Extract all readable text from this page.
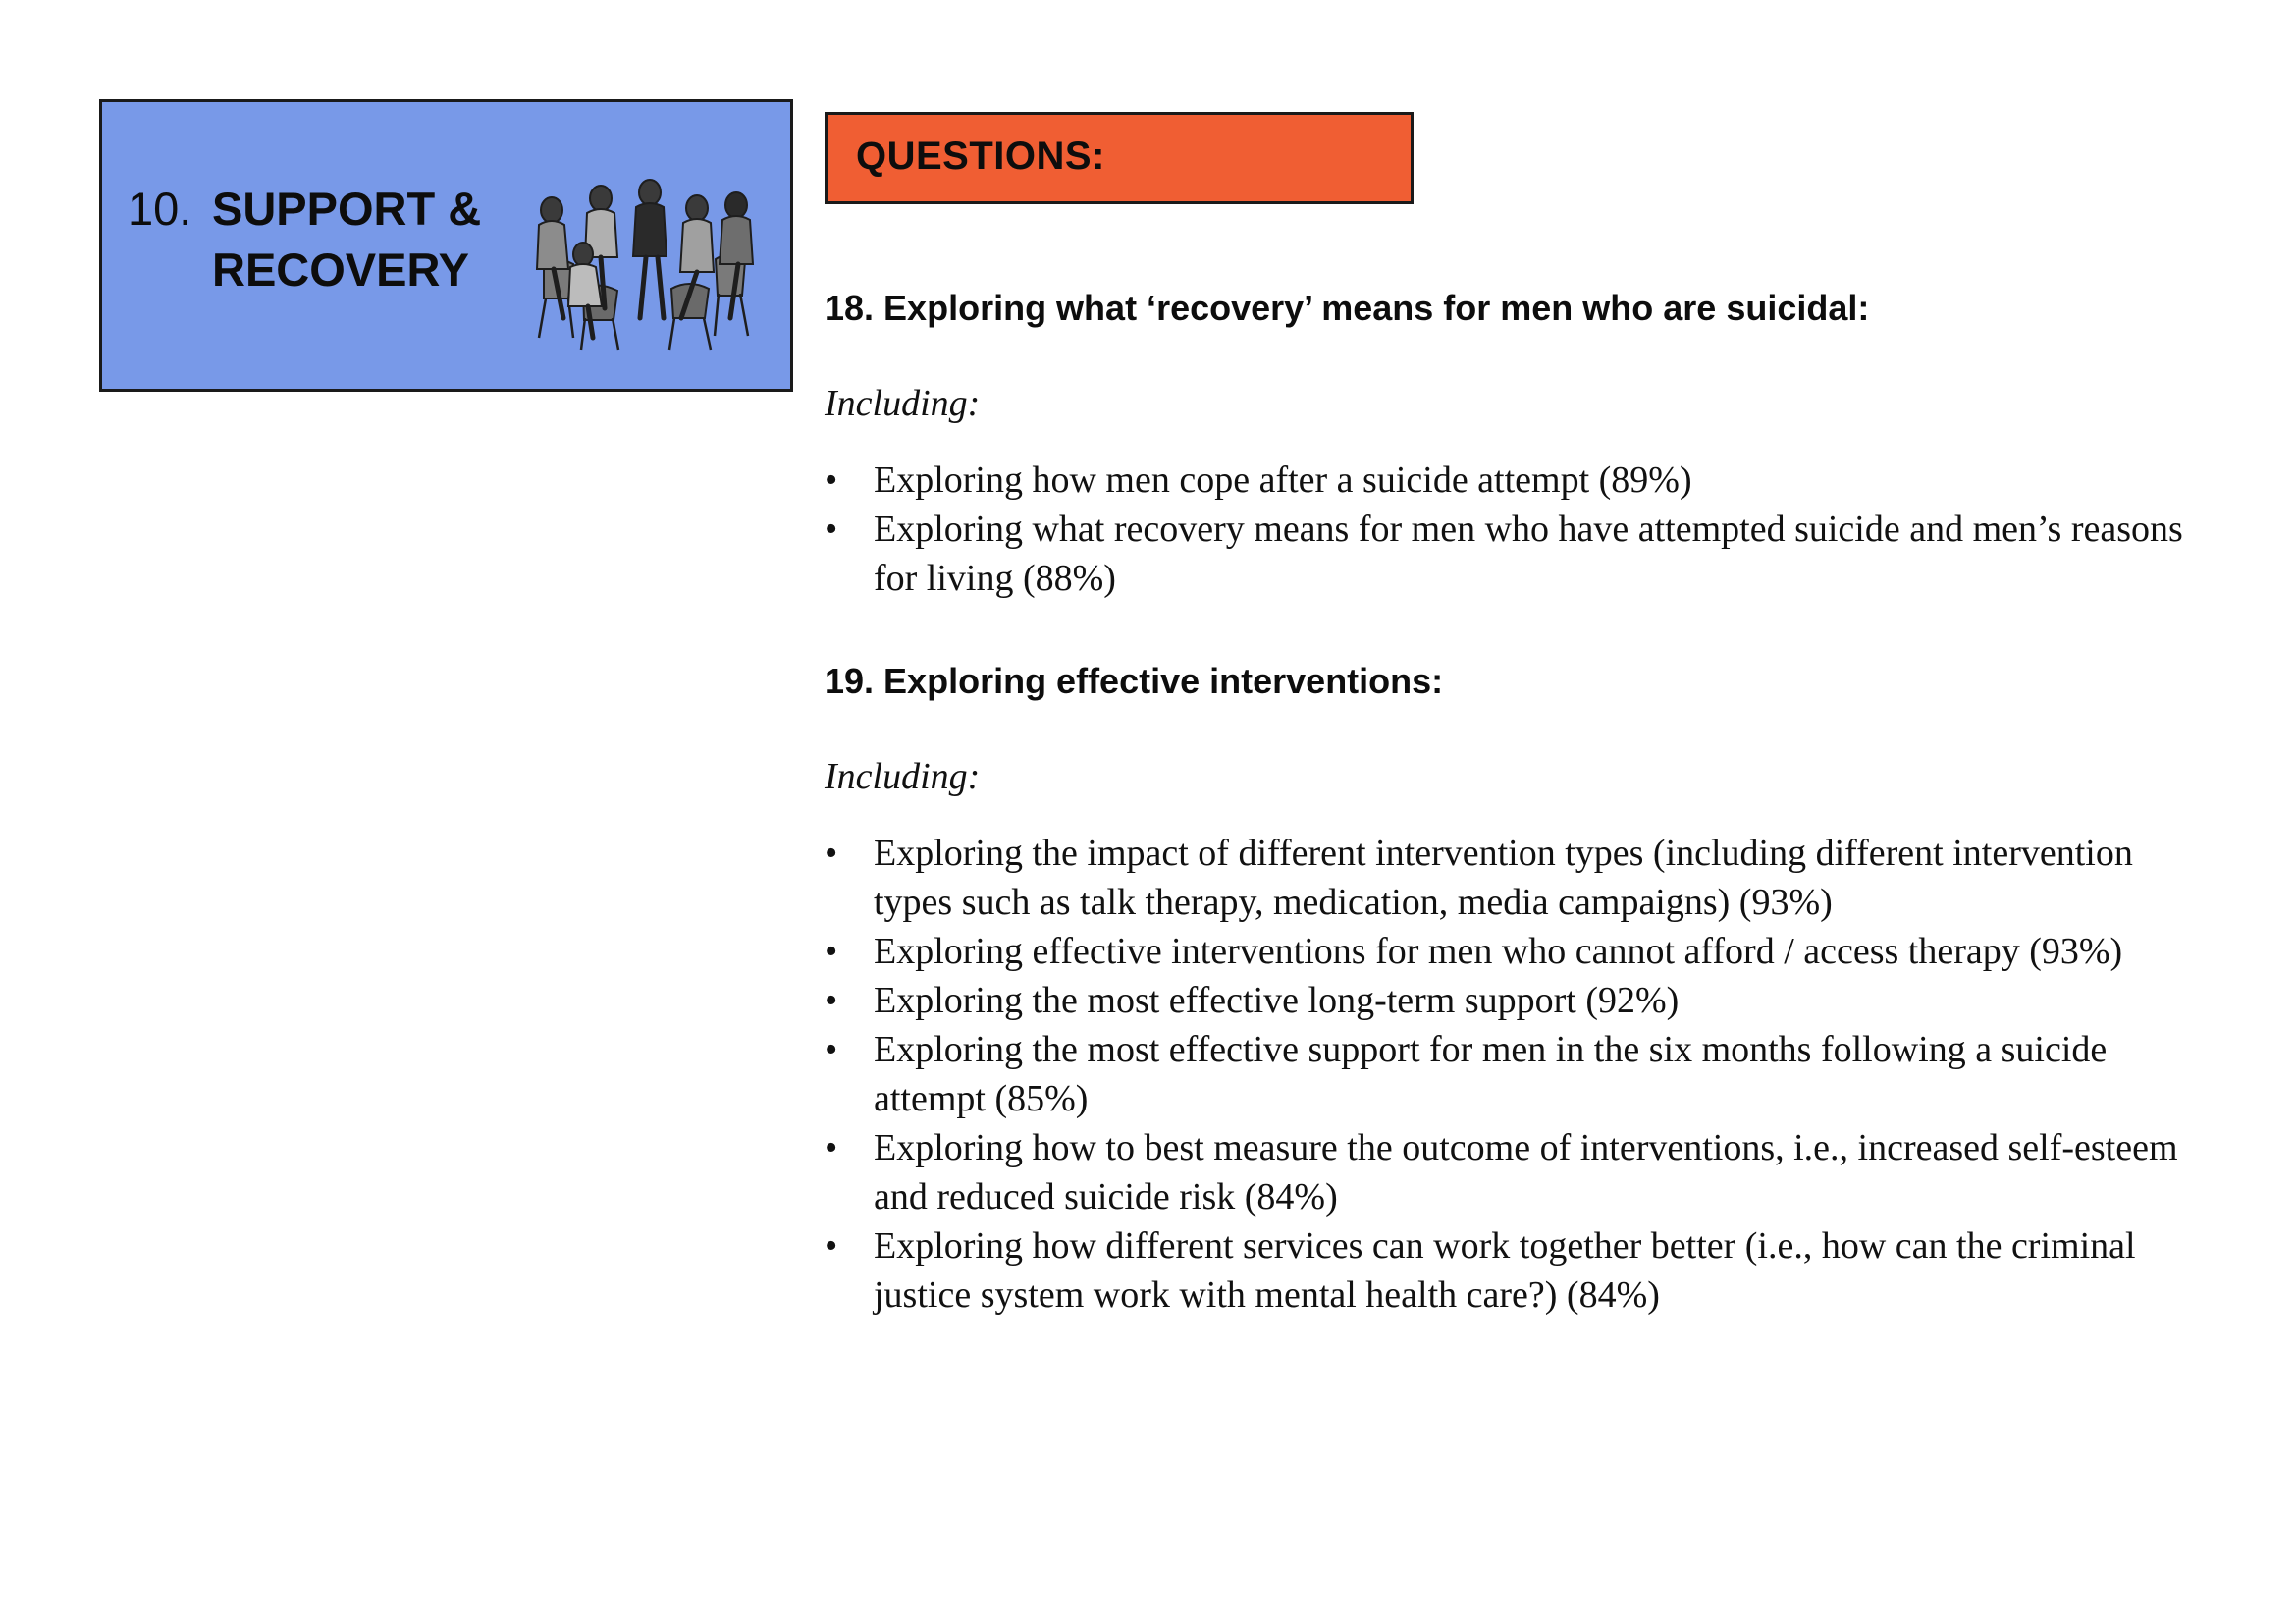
10. SUPPORT &
RECOVERY
QUESTIONS:
18. Exploring what ‘recovery’ means for men who are suicidal:
Including:
• Exploring how men cope after a suicide attempt (89%)
• Exploring what recovery means for men who have attempted suicide and men’s reasons for living (88%)
19. Exploring effective interventions:
Including:
• Exploring the impact of different intervention types (including different intervention types such as talk therapy, medication, media campaigns) (93%)
• Exploring effective interventions for men who cannot afford / access therapy (93%)
• Exploring the most effective long-term support (92%)
• Exploring the most effective support for men in the six months following a suicide attempt (85%)
• Exploring how to best measure the outcome of interventions, i.e., increased self-esteem and reduced suicide risk (84%)
• Exploring how different services can work together better (i.e., how can the criminal justice system work with mental health care?) (84%)
